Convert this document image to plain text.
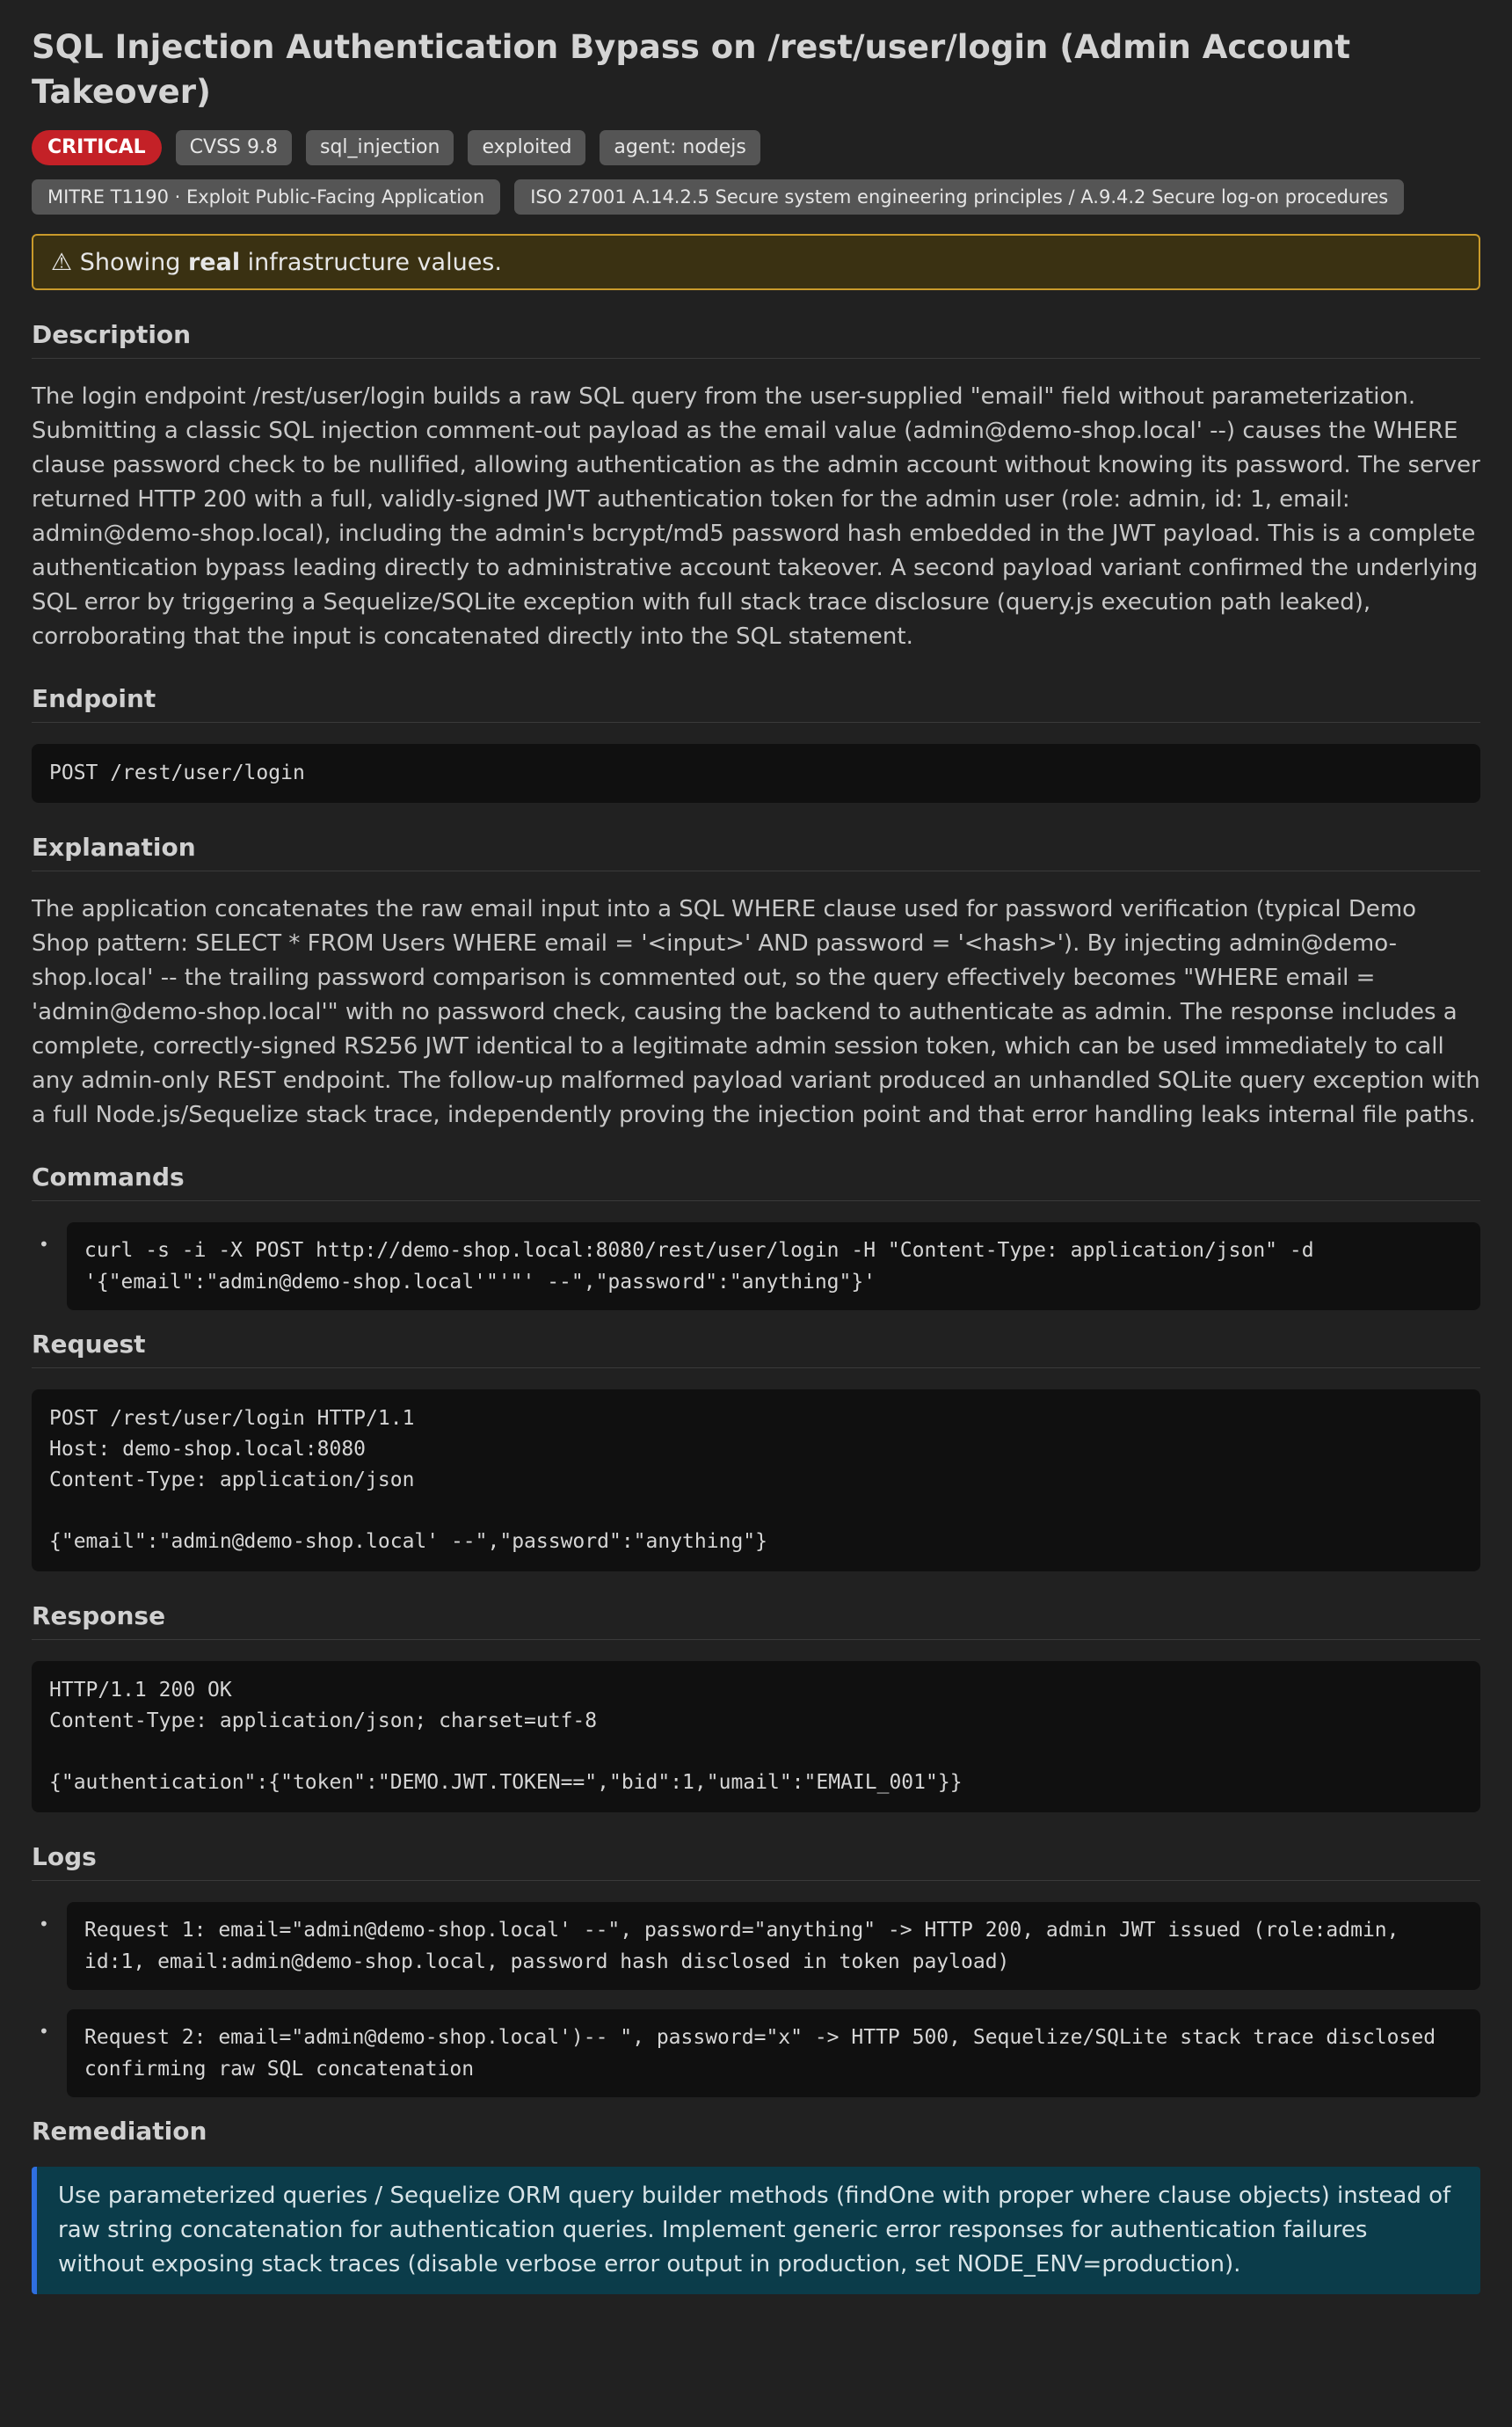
SQL Injection Authentication Bypass on /rest/user/login (Admin Account Takeover)
CRITICAL	CVSS 9.8	sql_injection	exploited	agent: nodejs
MITRE T1190 · Exploit Public-Facing Application	ISO 27001 A.14.2.5 Secure system engineering principles / A.9.4.2 Secure log-on procedures
⚠ Showing real infrastructure values.
Description

The login endpoint /rest/user/login builds a raw SQL query from the user-supplied "email" field without parameterization. Submitting a classic SQL injection comment-out payload as the email value (admin@demo-shop.local' --) causes the WHERE clause password check to be nullified, allowing authentication as the admin account without knowing its password. The server returned HTTP 200 with a full, validly-signed JWT authentication token for the admin user (role: admin, id: 1, email: admin@demo-shop.local), including the admin's bcrypt/md5 password hash embedded in the JWT payload. This is a complete authentication bypass leading directly to administrative account takeover. A second payload variant confirmed the underlying SQL error by triggering a Sequelize/SQLite exception with full stack trace disclosure (query.js execution path leaked), corroborating that the input is concatenated directly into the SQL statement.

Endpoint
POST /rest/user/login
Explanation

The application concatenates the raw email input into a SQL WHERE clause used for password verification (typical Demo Shop pattern: SELECT * FROM Users WHERE email = '<input>' AND password = '<hash>'). By injecting admin@demo-shop.local' -- the trailing password comparison is commented out, so the query effectively becomes "WHERE email = 'admin@demo-shop.local'" with no password check, causing the backend to authenticate as admin. The response includes a complete, correctly-signed RS256 JWT identical to a legitimate admin session token, which can be used immediately to call any admin-only REST endpoint. The follow-up malformed payload variant produced an unhandled SQLite query exception with a full Node.js/Sequelize stack trace, independently proving the injection point and that error handling leaks internal file paths.

Commands
•	curl -s -i -X POST http://demo-shop.local:8080/rest/user/login -H "Content-Type: application/json" -d '{"email":"admin@demo-shop.local'"'"' --","password":"anything"}'
Request
POST /rest/user/login HTTP/1.1
Host: demo-shop.local:8080
Content-Type: application/json

{"email":"admin@demo-shop.local' --","password":"anything"}
Response
HTTP/1.1 200 OK
Content-Type: application/json; charset=utf-8

{"authentication":{"token":"DEMO.JWT.TOKEN==","bid":1,"umail":"EMAIL_001"}}
Logs
•	Request 1: email="admin@demo-shop.local' --", password="anything" -> HTTP 200, admin JWT issued (role:admin, id:1, email:admin@demo-shop.local, password hash disclosed in token payload)
•	Request 2: email="admin@demo-shop.local')-- ", password="x" -> HTTP 500, Sequelize/SQLite stack trace disclosed confirming raw SQL concatenation
Remediation
Use parameterized queries / Sequelize ORM query builder methods (findOne with proper where clause objects) instead of raw string concatenation for authentication queries. Implement generic error responses for authentication failures without exposing stack traces (disable verbose error output in production, set NODE_ENV=production).
